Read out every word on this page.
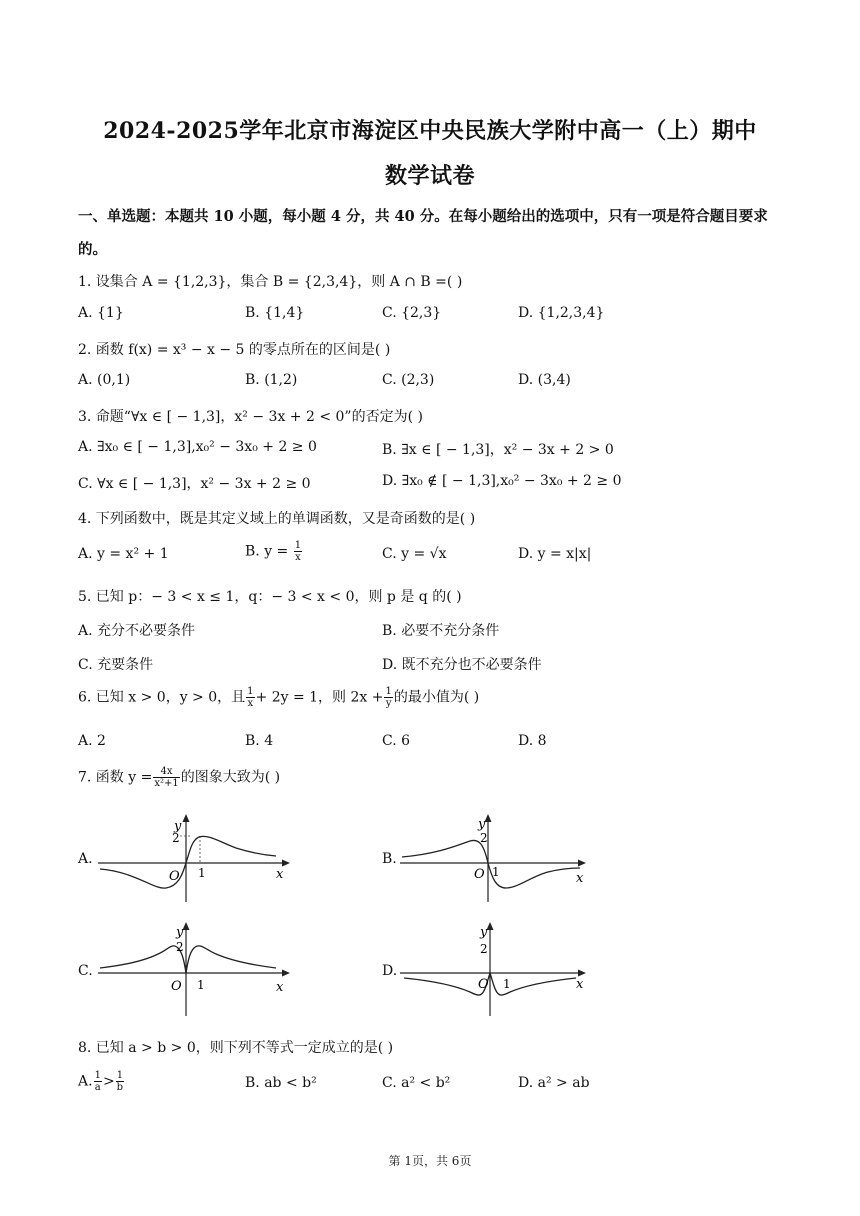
2024-2025学年北京市海淀区中央民族大学附中高一（上）期中
数学试卷
一、单选题：本题共 10 小题，每小题 4 分，共 40 分。在每小题给出的选项中，只有一项是符合题目要求
的。
1. 设集合 A = {1,2,3}，集合 B = {2,3,4}，则 A ∩ B =( )
A. {1}	B. {1,4}	C. {2,3}	D. {1,2,3,4}
2. 函数 f(x) = x³ − x − 5 的零点所在的区间是( )
A. (0,1)	B. (1,2)	C. (2,3)	D. (3,4)
3. 命题“∀x ∈ [ − 1,3]，x² − 3x + 2 < 0”的否定为( )
A. ∃x₀ ∈ [ − 1,3],x₀² − 3x₀ + 2 ≥ 0	B. ∃x ∈ [ − 1,3]，x² − 3x + 2 > 0
C. ∀x ∈ [ − 1,3]，x² − 3x + 2 ≥ 0	D. ∃x₀ ∉ [ − 1,3],x₀² − 3x₀ + 2 ≥ 0
4. 下列函数中，既是其定义域上的单调函数，又是奇函数的是( )
A. y = x² + 1	B. $y = \frac{1}{x}$	C. y = √x	D. y = x|x|
5. 已知 p：− 3 < x ≤ 1，q：− 3 < x < 0，则 p 是 q 的( )
A. 充分不必要条件	B. 必要不充分条件
C. 充要条件	D. 既不充分也不必要条件
6. 已知 x > 0，y > 0，且 $\frac{1}{x} + 2y = 1$，则 $2x + \frac{1}{y}$ 的最小值为( )
A. 2	B. 4	C. 6	D. 8
7. 函数 $y = \frac{4x}{\text{x²+1}}$ 的图象大致为( )
A.	B.
C.	D.
y
2
O 1	x
y
2
O 1	x
y
2
O 1	x
y
2
O 1	x
8. 已知 a > b > 0，则下列不等式一定成立的是( )
A. $\frac{1}{a} > \frac{1}{b}$	B. ab < b²	C. a² < b²	D. a² > ab
第 1页，共 6页
